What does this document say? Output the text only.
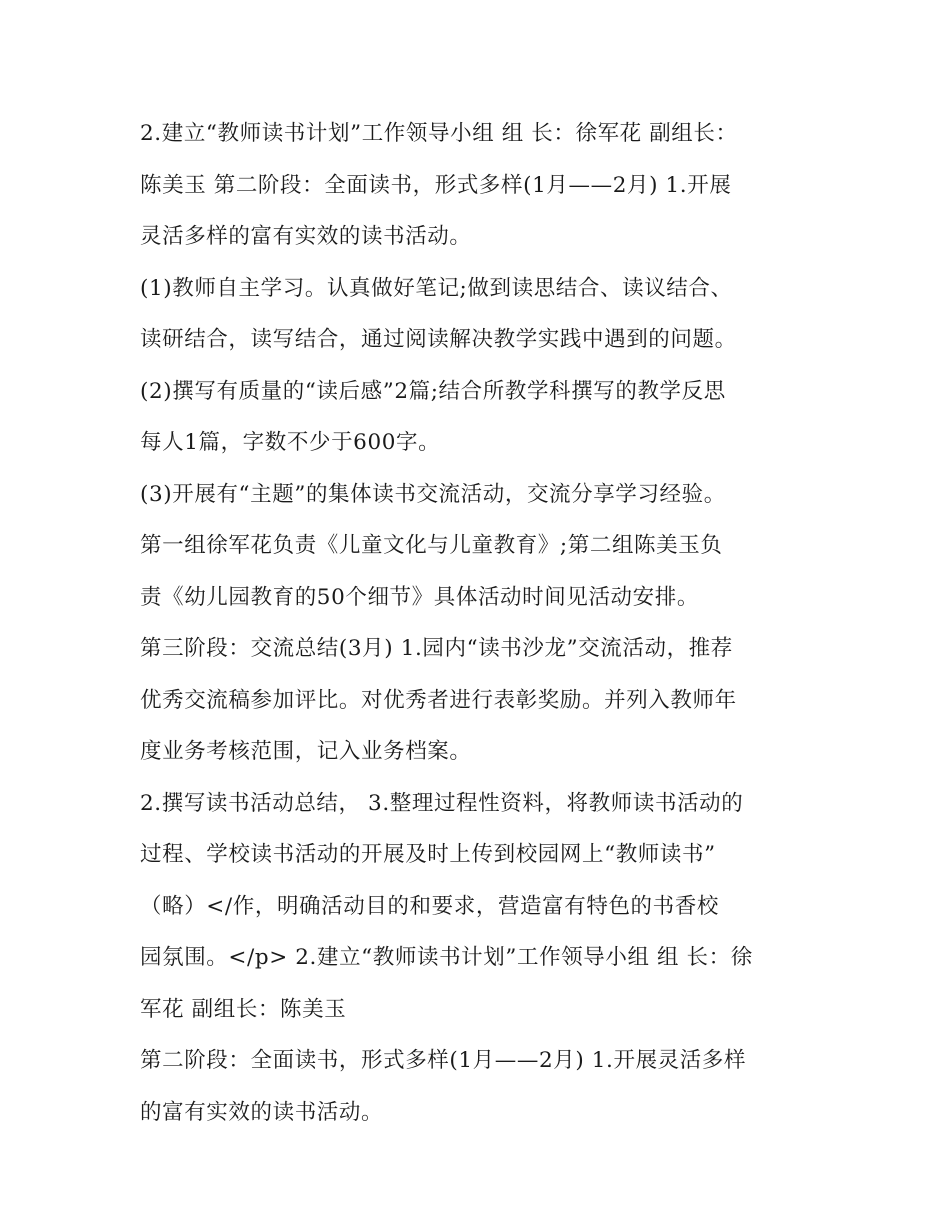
2.建立“教师读书计划”工作领导小组 组 长：徐军花 副组长：
陈美玉 第二阶段：全面读书，形式多样(1月——2月) 1.开展
灵活多样的富有实效的读书活动。
(1)教师自主学习。认真做好笔记;做到读思结合、读议结合、
读研结合，读写结合，通过阅读解决教学实践中遇到的问题。
(2)撰写有质量的“读后感”2篇;结合所教学科撰写的教学反思
每人1篇，字数不少于600字。
(3)开展有“主题”的集体读书交流活动，交流分享学习经验。
第一组徐军花负责《儿童文化与儿童教育》;第二组陈美玉负
责《幼儿园教育的50个细节》具体活动时间见活动安排。
第三阶段：交流总结(3月) 1.园内“读书沙龙”交流活动，推荐
优秀交流稿参加评比。对优秀者进行表彰奖励。并列入教师年
度业务考核范围，记入业务档案。
2.撰写读书活动总结， 3.整理过程性资料，将教师读书活动的
过程、学校读书活动的开展及时上传到校园网上“教师读书”
（略）</作，明确活动目的和要求，营造富有特色的书香校
园氛围。</p> 2.建立“教师读书计划”工作领导小组 组 长：徐
军花 副组长：陈美玉
第二阶段：全面读书，形式多样(1月——2月) 1.开展灵活多样
的富有实效的读书活动。
